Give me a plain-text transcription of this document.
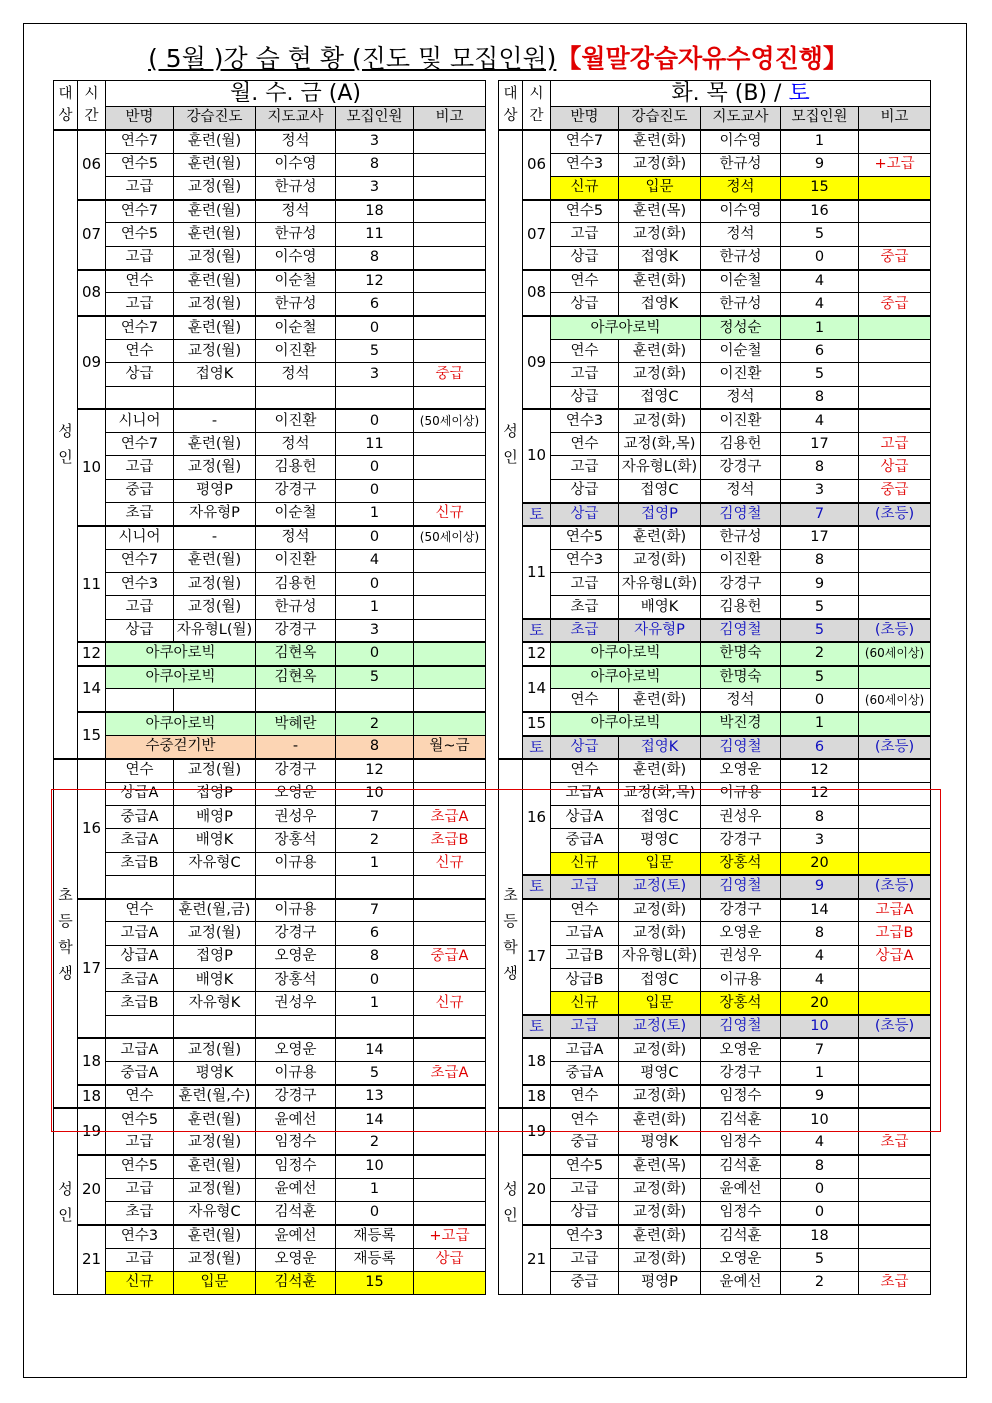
( 5월 )강 습 현 황 (진도 및 모집인원)【월말강습자유수영진행】
대상	시간	월. 수. 금 (A)				
		반명	강습진도	지도교사	모집인원	비고
성인	06	연수7	훈련(월)	정석	3	
		연수5	훈련(월)	이수영	8	
		고급	교정(월)	한규성	3	
	07	연수7	훈련(월)	정석	18	
		연수5	훈련(월)	한규성	11	
		고급	교정(월)	이수영	8	
	08	연수	훈련(월)	이순철	12	
		고급	교정(월)	한규성	6	
	09	연수7	훈련(월)	이순철	0	
		연수	교정(월)	이진환	5	
		상급	접영K	정석	3	중급

	10	시니어	-	이진환	0	(50세이상)
		연수7	훈련(월)	정석	11	
		고급	교정(월)	김용헌	0	
		중급	평영P	강경구	0	
		초급	자유형P	이순철	1	신규
	11	시니어	-	정석	0	(50세이상)
		연수7	훈련(월)	이진환	4	
		연수3	교정(월)	김용헌	0	
		고급	교정(월)	한규성	1	
		상급	자유형L(월)	강경구	3	
	12	아쿠아로빅		김현옥	0	
	14	아쿠아로빅		김현옥	5	

	15	아쿠아로빅		박혜란	2	
		수중걷기반		-	8	월~금
초등학생	16	연수	교정(월)	강경구	12	
		상급A	접영P	오영운	10	
		중급A	배영P	권성우	7	초급A
		초급A	배영K	장홍석	2	초급B
		초급B	자유형C	이규용	1	신규

	17	연수	훈련(월,금)	이규용	7	
		고급A	교정(월)	강경구	6	
		상급A	접영P	오영운	8	중급A
		초급A	배영K	장홍석	0	
		초급B	자유형K	권성우	1	신규

	18	고급A	교정(월)	오영운	14	
		중급A	평영K	이규용	5	초급A
	18	연수	훈련(월,수)	강경구	13	
성인	19	연수5	훈련(월)	윤예선	14	
		고급	교정(월)	임정수	2	
	20	연수5	훈련(월)	임정수	10	
		고급	교정(월)	윤예선	1	
		초급	자유형C	김석훈	0	
	21	연수3	훈련(월)	윤예선	재등록	+고급
		고급	교정(월)	오영운	재등록	상급
		신규	입문	김석훈	15	
대상	시간	화. 목 (B) / 토				
		반명	강습진도	지도교사	모집인원	비고
성인	06	연수7	훈련(화)	이수영	1	
		연수3	교정(화)	한규성	9	+고급
		신규	입문	정석	15	
	07	연수5	훈련(목)	이수영	16	
		고급	교정(화)	정석	5	
		상급	접영K	한규성	0	중급
	08	연수	훈련(화)	이순철	4	
		상급	접영K	한규성	4	중급
	09	아쿠아로빅		정성순	1	
		연수	훈련(화)	이순철	6	
		고급	교정(화)	이진환	5	
		상급	접영C	정석	8	
	10	연수3	교정(화)	이진환	4	
		연수	교정(화,목)	김용헌	17	고급
		고급	자유형L(화)	강경구	8	상급
		상급	접영C	정석	3	중급
	토	상급	접영P	김영철	7	(초등)
	11	연수5	훈련(화)	한규성	17	
		연수3	교정(화)	이진환	8	
		고급	자유형L(화)	강경구	9	
		초급	배영K	김용헌	5	
	토	초급	자유형P	김영철	5	(초등)
	12	아쿠아로빅		한명숙	2	(60세이상)
	14	아쿠아로빅		한명숙	5	
		연수	훈련(화)	정석	0	(60세이상)
	15	아쿠아로빅		박진경	1	
	토	상급	접영K	김영철	6	(초등)
초등학생	16	연수	훈련(화)	오영운	12	
		고급A	교정(화,목)	이규용	12	
		상급A	접영C	권성우	8	
		중급A	평영C	강경구	3	
		신규	입문	장홍석	20	
	토	고급	교정(토)	김영철	9	(초등)
	17	연수	교정(화)	강경구	14	고급A
		고급A	교정(화)	오영운	8	고급B
		고급B	자유형L(화)	권성우	4	상급A
		상급B	접영C	이규용	4	
		신규	입문	장홍석	20	
	토	고급	교정(토)	김영철	10	(초등)
	18	고급A	교정(화)	오영운	7	
		중급A	평영C	강경구	1	
	18	연수	교정(화)	임정수	9	
성인	19	연수	훈련(화)	김석훈	10	
		중급	평영K	임정수	4	초급
	20	연수5	훈련(목)	김석훈	8	
		고급	교정(화)	윤예선	0	
		상급	교정(화)	임정수	0	
	21	연수3	훈련(화)	김석훈	18	
		고급	교정(화)	오영운	5	
		중급	평영P	윤예선	2	초급
